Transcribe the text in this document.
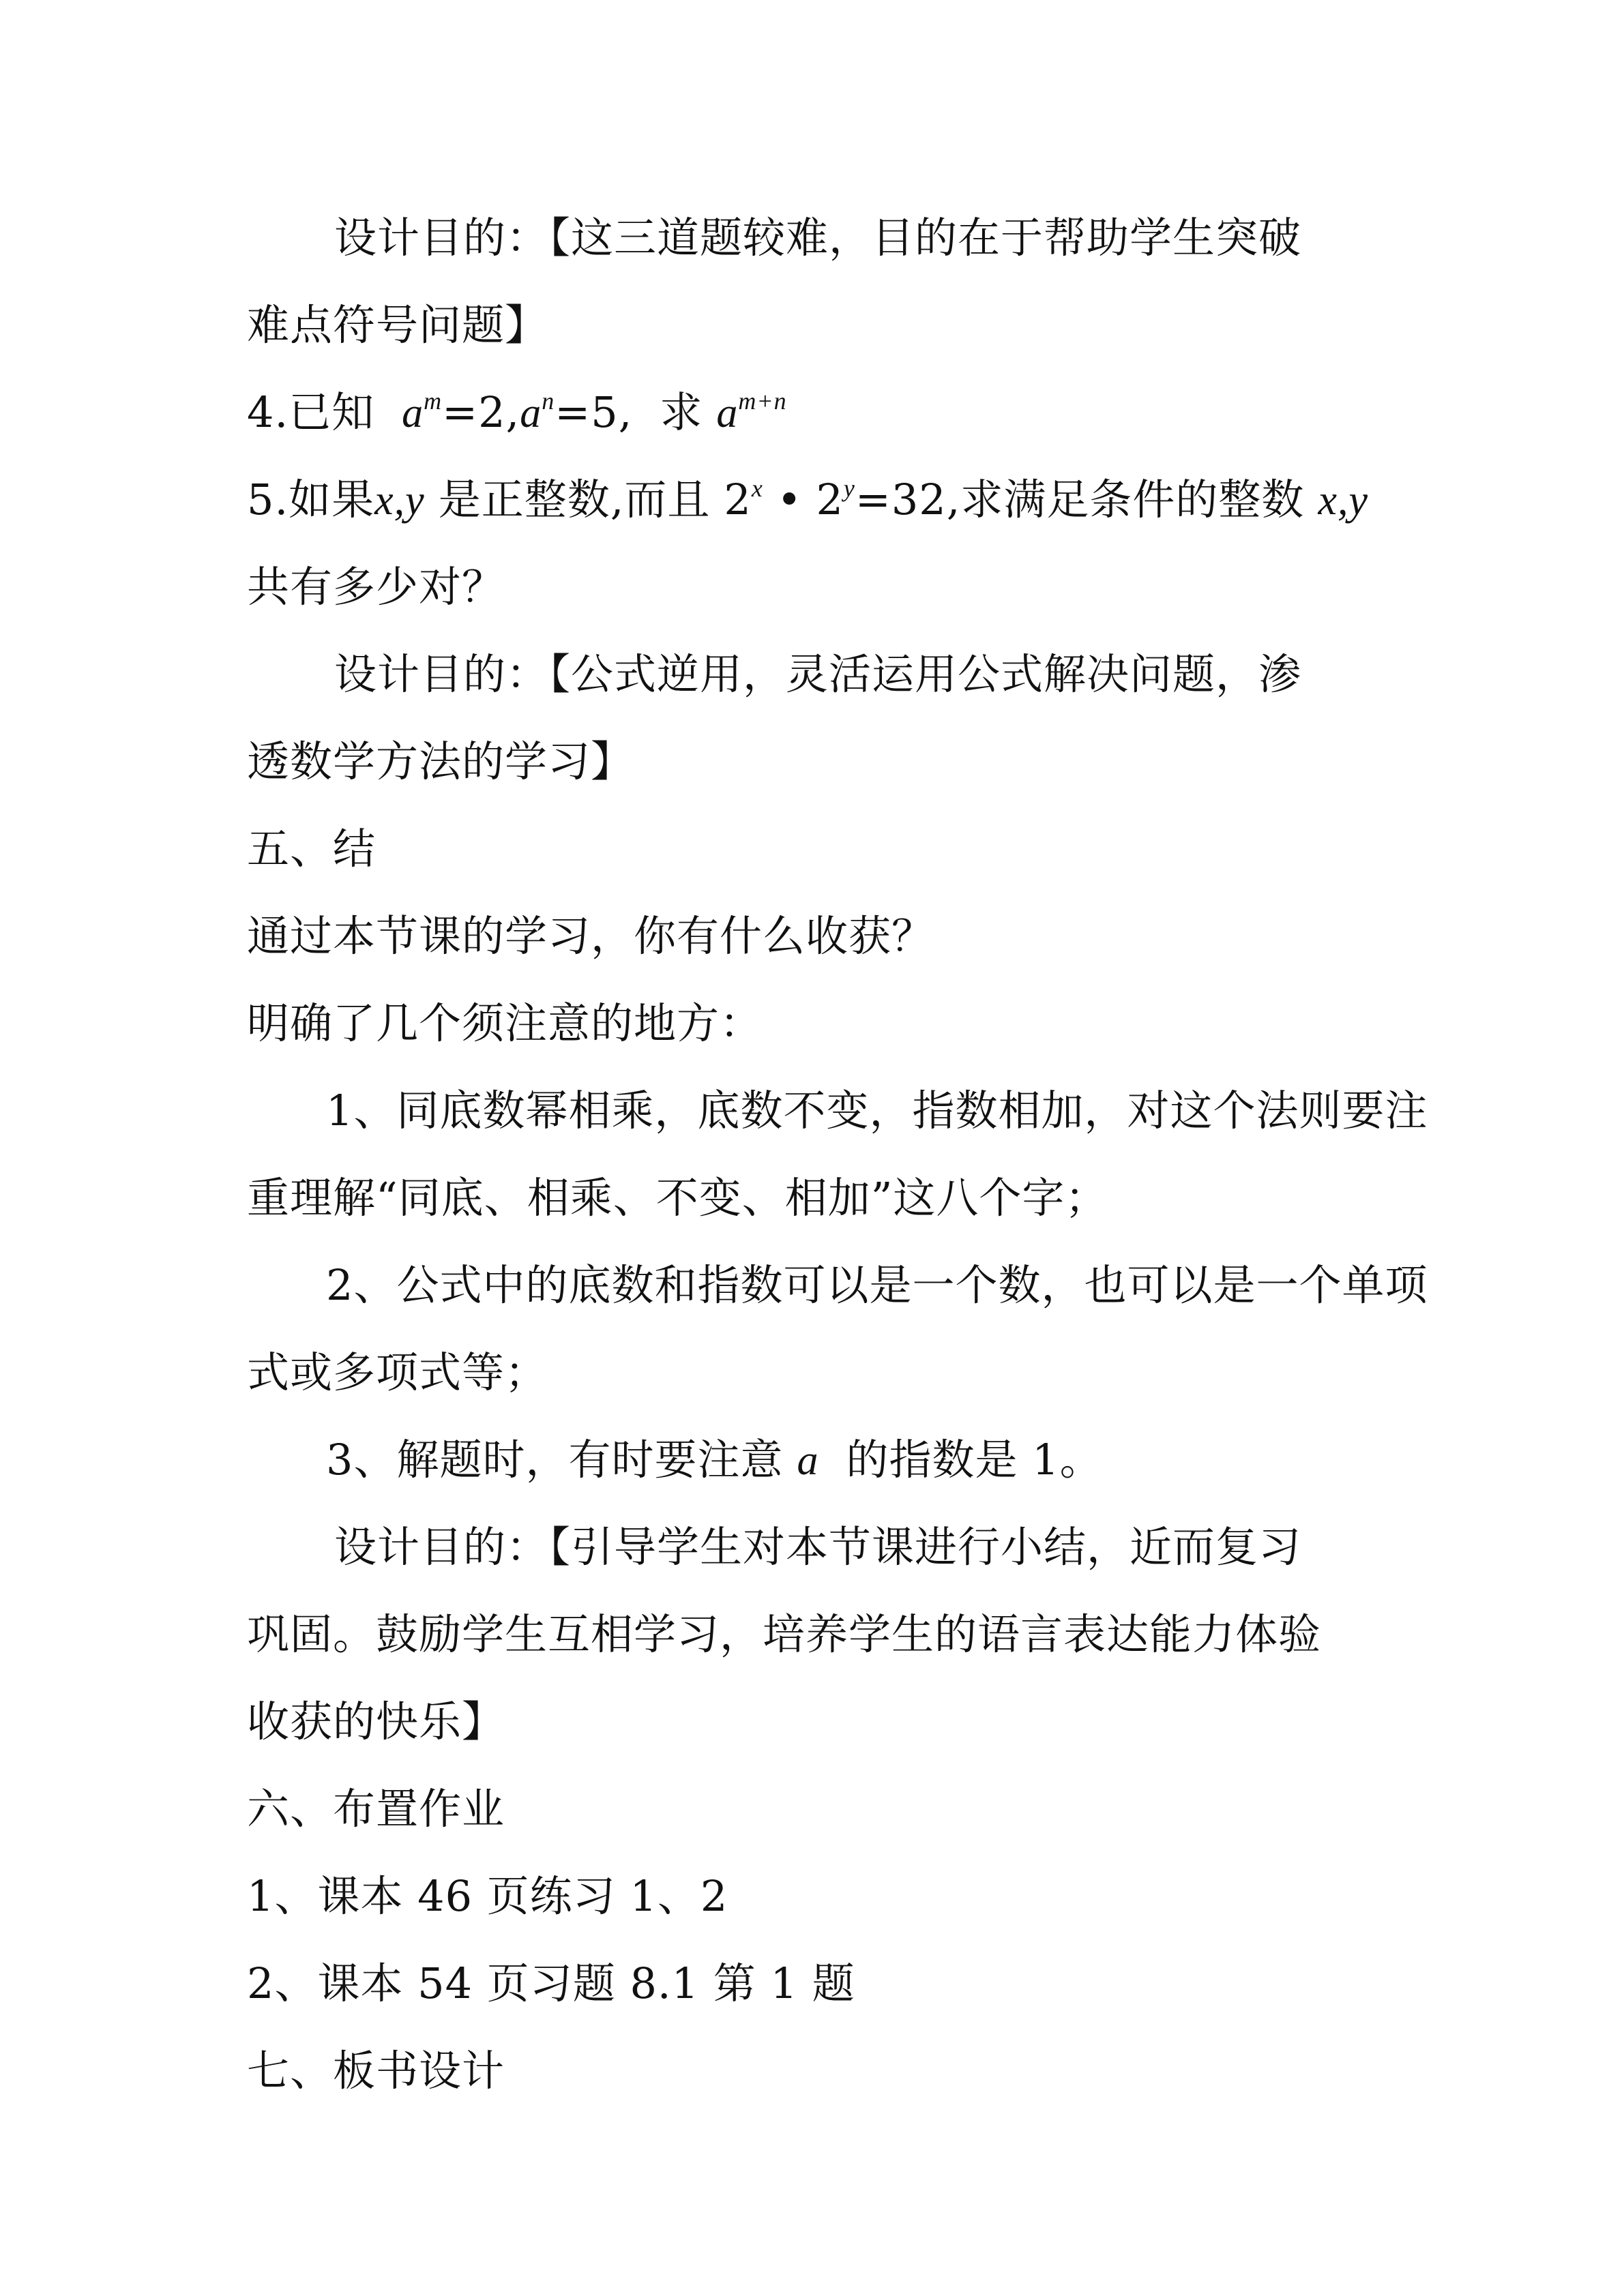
设计目的：【这三道题较难，目的在于帮助学生突破
难点符号问题】
4.已知 $a^m=2,a^n=5$, 求 $a^{m+n}$
5.如果x,y 是正整数,而且 2$^x$ • $2^y=32$,求满足条件的整数 x,y
共有多少对？
设计目的：【公式逆用，灵活运用公式解决问题，渗
透数学方法的学习】
五、结
通过本节课的学习，你有什么收获？
明确了几个须注意的地方：
1、同底数幂相乘，底数不变，指数相加，对这个法则要注
重理解“同底、相乘、不变、相加”这八个字；
2、公式中的底数和指数可以是一个数，也可以是一个单项
式或多项式等；
3、解题时，有时要注意 a 的指数是 1。
设计目的：【引导学生对本节课进行小结，近而复习
巩固。鼓励学生互相学习，培养学生的语言表达能力体验
收获的快乐】
六、布置作业
1、课本 46 页练习 1、2
2、课本 54 页习题 8.1 第 1 题
七、板书设计
